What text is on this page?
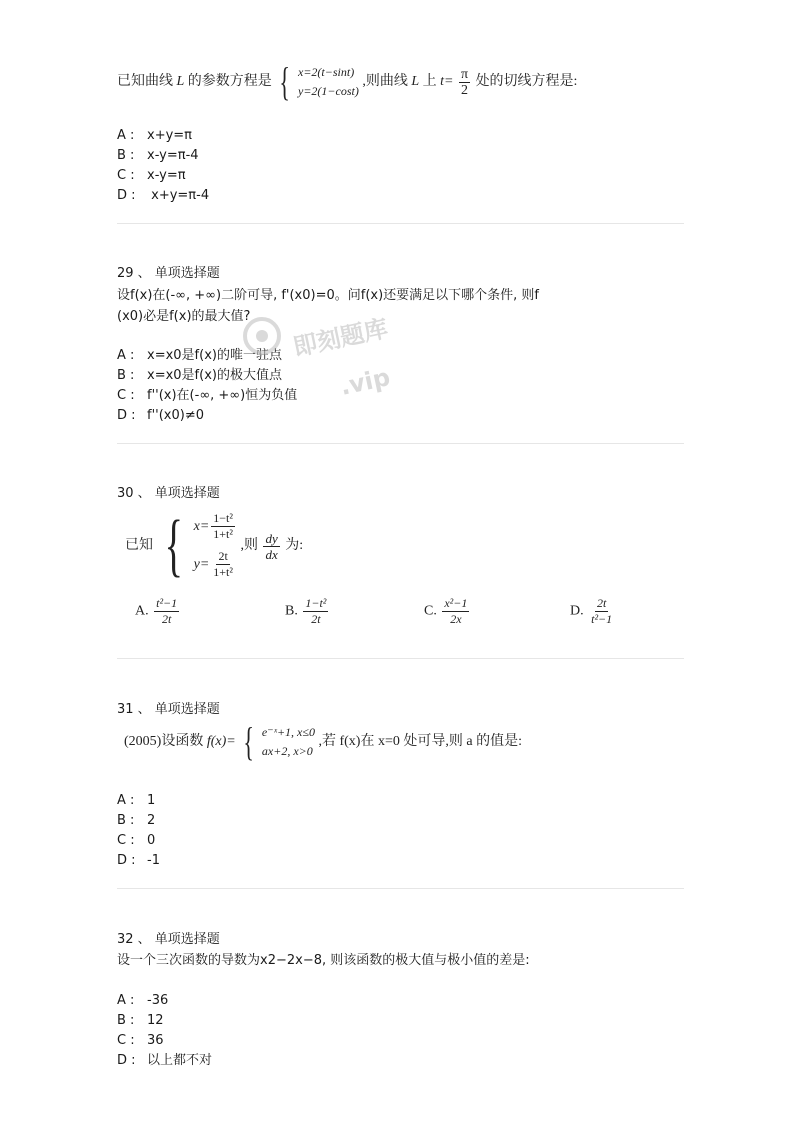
已知曲线 L 的参数方程是 { x=2(t−sint)
y=2(1−cost)
,则曲线 L 上 $t= \frac{\pi}{2}$ 处的切线方程是:
A : x+y=π
B : x-y=π-4
C : x-y=π
D : x+y=π-4
29 、 单项选择题
设f(x)在(-∞, +∞)二阶可导, f'(x0)=0。问f(x)还要满足以下哪个条件, 则f
(x0)必是f(x)的最大值?
A : x=x0是f(x)的唯一驻点
B : x=x0是f(x)的极大值点
C : f''(x)在(-∞, +∞)恒为负值
D : f''(x0)≠0
即刻题库
.vip
30 、 单项选择题
已知 { $x= \frac{\text{1−t²}}{\text{1+t²}}$
$y= \frac{2t}{\text{1+t²}}$
,则 $\frac{dy}{dx}$ 为:
A. $\frac{\text{t²−1}}{2t}$	B. $\frac{\text{1−t²}}{2t}$	C. $\frac{\text{x²−1}}{2x}$	D. $\frac{2t}{\text{t²−1}}$
31 、 单项选择题
(2005)设函数 f(x)= { e⁻ˣ+1, x≤0
ax+2, x>0
,若 f(x)在 x=0 处可导,则 a 的值是:
A : 1
B : 2
C : 0
D : -1
32 、 单项选择题
设一个三次函数的导数为x2−2x−8, 则该函数的极大值与极小值的差是:
A : -36
B : 12
C : 36
D : 以上都不对
